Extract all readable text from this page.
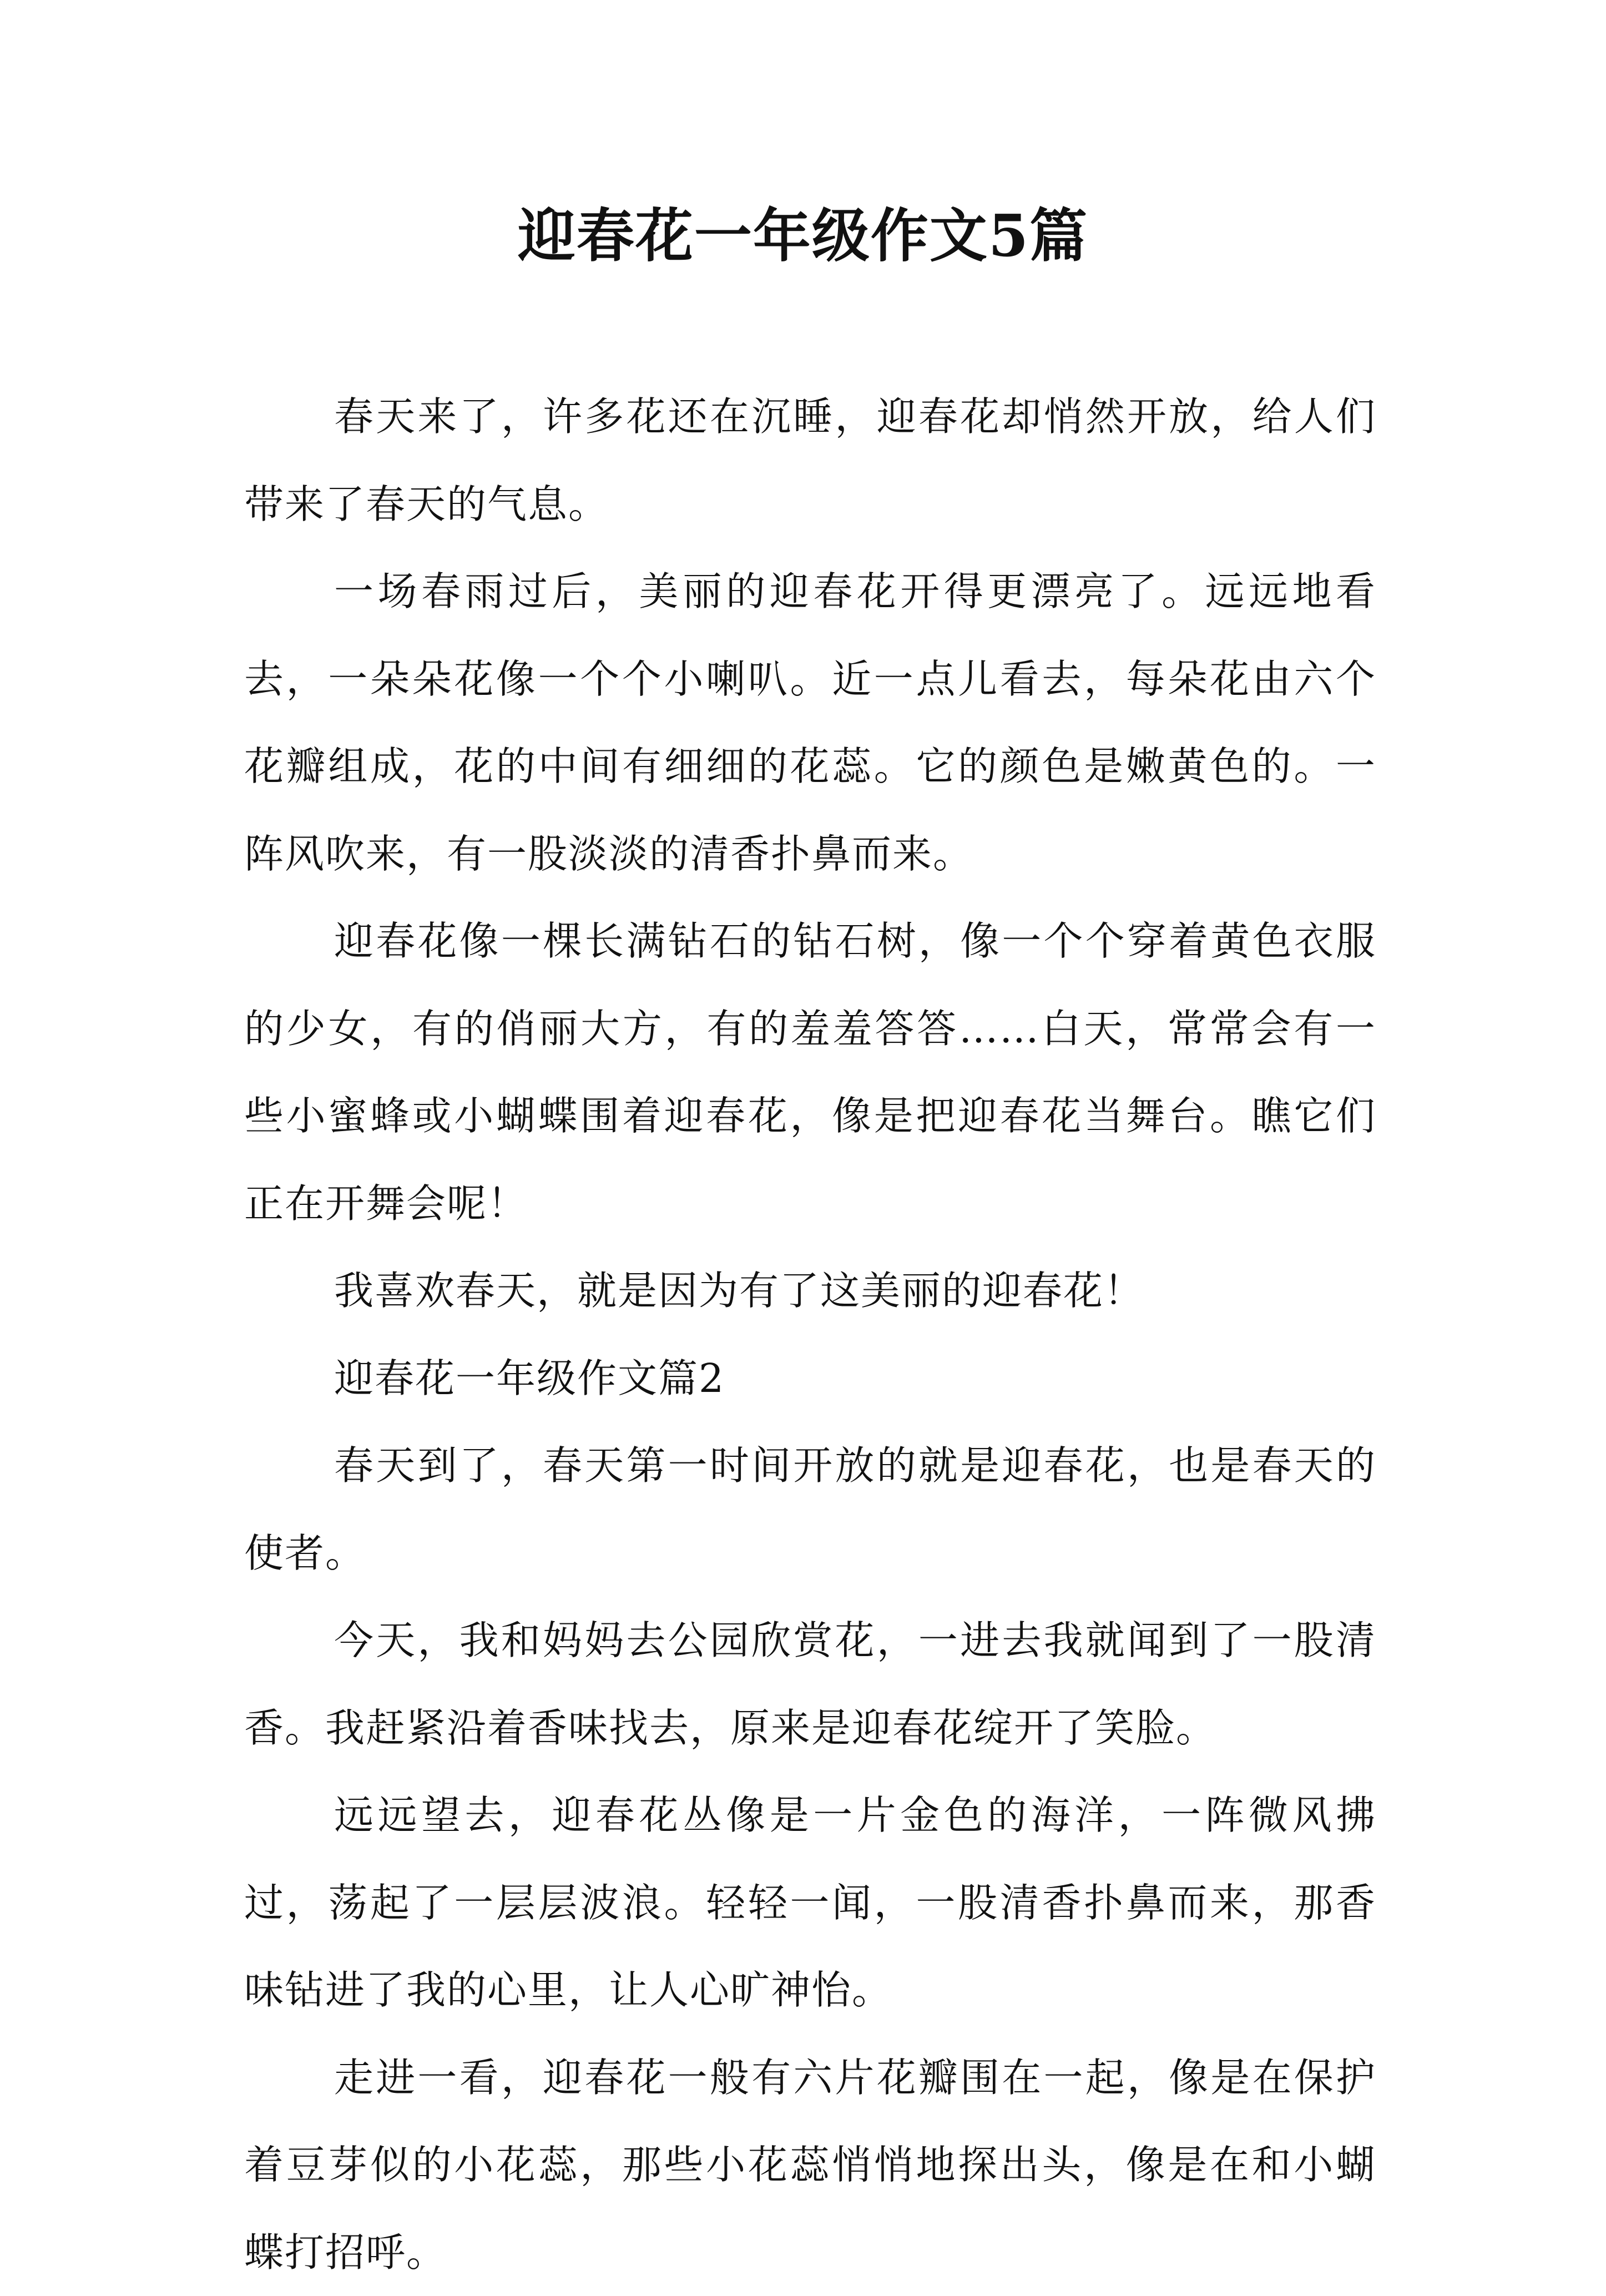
迎春花一年级作文5篇

春天来了，许多花还在沉睡，迎春花却悄然开放，给人们带来了春天的气息。

一场春雨过后，美丽的迎春花开得更漂亮了。远远地看去，一朵朵花像一个个小喇叭。近一点儿看去，每朵花由六个花瓣组成，花的中间有细细的花蕊。它的颜色是嫩黄色的。一阵风吹来，有一股淡淡的清香扑鼻而来。

迎春花像一棵长满钻石的钻石树，像一个个穿着黄色衣服的少女，有的俏丽大方，有的羞羞答答……白天，常常会有一些小蜜蜂或小蝴蝶围着迎春花，像是把迎春花当舞台。瞧它们正在开舞会呢！

我喜欢春天，就是因为有了这美丽的迎春花！

迎春花一年级作文篇2

春天到了，春天第一时间开放的就是迎春花，也是春天的使者。

今天，我和妈妈去公园欣赏花，一进去我就闻到了一股清香。我赶紧沿着香味找去，原来是迎春花绽开了笑脸。

远远望去，迎春花丛像是一片金色的海洋，一阵微风拂过，荡起了一层层波浪。轻轻一闻，一股清香扑鼻而来，那香味钻进了我的心里，让人心旷神怡。

走进一看，迎春花一般有六片花瓣围在一起，像是在保护着豆芽似的小花蕊，那些小花蕊悄悄地探出头，像是在和小蝴蝶打招呼。
